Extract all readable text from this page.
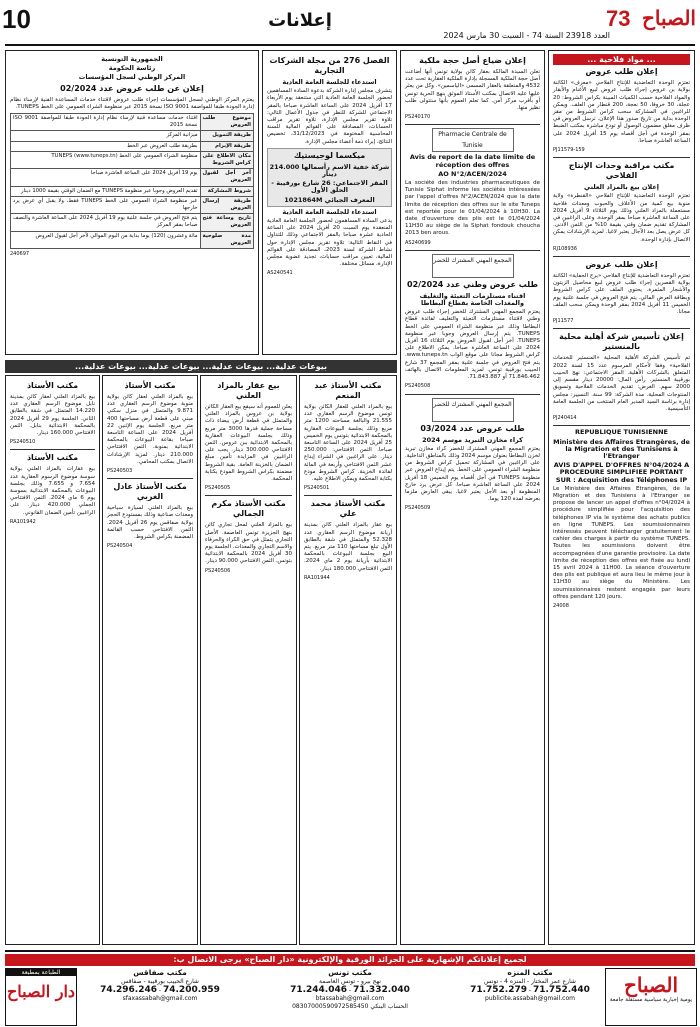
10	إعلانات	73 الصباح
العدد 23918 السنة 74 - السبت 30 مارس 2024
... مواد فلاحية ...
إعلان طلب عروض

تعتزم الوحدة التعاضدية للإنتاج الفلاحي «معرف» الكائنة بولاية بن عروس إجراء طلب عروض لبيع الأغنام والأبقار والمواد الفلاحية حسب الكميات المبينة بكراس الشروط: 20 عجلة، 30 خروفا، 50 نعجة، 200 قنطار من العلف. ويمكن للراغبين في المشاركة سحب كراس الشروط من مقر الوحدة بداية من تاريخ صدور هذا الإعلان. ترسل العروض في ظرف مغلق مضمون الوصول أو تودع مباشرة بمكتب الضبط بمقر الوحدة في أجل أقصاه يوم 15 أفريل 2024 على الساعة العاشرة صباحا.

PJ11579-159
مكتب مراقبة وحدات الإنتاج الفلاحي
إعلان بيع بالمزاد العلني

تعتزم الوحدة التعاضدية للإنتاج الفلاحي «القنطرة» ولاية منوبة بيع كمية من الأعلاف والحبوب ومعدات فلاحية مستعملة بالمزاد العلني وذلك يوم الثلاثاء 9 أفريل 2024 على الساعة العاشرة صباحا بمقر الوحدة. وعلى الراغبين في المشاركة تقديم ضمان وقتي بقيمة 10% من الثمن الأدنى. كل عرض يصل بعد الآجال يعتبر لاغيا. لمزيد الإرشادات يمكن الاتصال بإدارة الوحدة.

RJ108936
إعلان طلب عروض

تعتزم الوحدة التعاضدية للإنتاج الفلاحي «برج الحفاية» الكائنة بولاية القصرين إجراء طلب عروض لبيع محاصيل الزيتون والأشجار المثمرة. يحتوي الملف على كراس الشروط وبطاقة العرض المالي. يتم فتح العروض في جلسة علنية يوم الخميس 11 أفريل 2024 بمقر الوحدة ويمكن سحب الملف مجانا.

PJ11577
إعلان تأسيس شركة أهلية محلية بالمنستير

تم تأسيس الشركة الأهلية المحلية «المنستير للخدمات الفلاحية» وفقا لأحكام المرسوم عدد 15 لسنة 2022 المتعلق بالشركات الأهلية. المقر الاجتماعي: نهج الحبيب بورقيبة المنستير. رأس المال: 20000 دينار مقسم إلى 2000 سهم. الغرض: تقديم الخدمات الفلاحية وتسويق المنتوجات المحلية. مدة الشركة: 99 سنة. التسيير: مجلس إدارة برئاسة السيد المدير العام المنتخب من الجلسة العامة التأسيسية.

PJ240414
REPUBLIQUE TUNISIENNE
Ministère des Affaires Etrangères, de la Migration et des Tunisiens à l'Etranger
AVIS D'APPEL D'OFFRES N°04/2024 A PROCEDURE SIMPLIFIEE PORTANT SUR : Acquisition des Téléphones IP

Le Ministère des Affaires Etrangères, de la Migration et des Tunisiens à l'Etranger se propose de lancer un appel d'offres n°04/2024 à procédure simplifiée pour l'acquisition des téléphones IP via le système des achats publics en ligne TUNEPS. Les soumissionnaires intéressés peuvent télécharger gratuitement le cahier des charges à partir du système TUNEPS. Toutes les soumissions doivent être accompagnées d'une garantie provisoire. La date limite de réception des offres est fixée au lundi 15 avril 2024 à 11H00. La séance d'ouverture des plis est publique et aura lieu le même jour à 11H30 au siège du Ministère. Les soumissionnaires restent engagés par leurs offres pendant 120 jours.

24008
إعلان ضياع أصل حجة ملكية

تعلن السيدة المالكة بعقار كائن بولاية تونس أنها أضاعت أصل حجة الملكية المسجلة بإدارة الملكية العقارية تحت عدد 4532 والمتعلقة بالعقار المسمى «الياسمين». وكل من يعثر عليها عليه الاتصال بمكتب الأستاذ الموثق بنهج الحرية تونس أو بأقرب مركز أمن. كما تعلم العموم بأنها ستتولى طلب نظير منها.

PS240170
Pharmacie Centrale de Tunisie
Avis de report de la date limite de réception des offres
AO N°2/ACEN/2024

La société des industries pharmaceutiques de Tunisie Siphat informe les sociétés intéressées par l'appel d'offres N°2/ACEN/2024 que la date limite de réception des offres sur le site Tuneps est reportée pour le 01/04/2024 à 10H30. La date d'ouverture des plis est le 01/04/2024 11H30 au siège de la Siphat fondouk choucha 2013 ben arous.

AS240699
المجمع المهني المشترك للخضر
طلب عروض وطني عدد 02/2024
اقتناء مستلزمات التعبئة والتغليف والمعدات الخاصة بقطاع البطاطا

يعتزم المجمع المهني المشترك للخضر إجراء طلب عروض وطني لاقتناء مستلزمات التعبئة والتغليف لفائدة قطاع البطاطا وذلك عبر منظومة الشراء العمومي على الخط TUNEPS. يتم إرسال العروض وجوبا عبر منظومة TUNEPS. آخر أجل لقبول العروض يوم الثلاثاء 16 أفريل 2024 على الساعة العاشرة صباحا. يمكن الاطلاع على كراس الشروط مجانا على موقع الواب www.tuneps.tn. يتم فتح العروض في جلسة علنية بمقر المجمع 37 شارع الحبيب بورقيبة تونس. لمزيد المعلومات الاتصال بالهاتف 71.846.462 أو 71.843.887.

PS240508
المجمع المهني المشترك للخضر
طلب عروض عدد 03/2024
كراء مخازن التبريد موسم 2024

يعتزم المجمع المهني المشترك للخضر كراء مخازن تبريد لخزن البطاطا بعنوان موسم 2024 وذلك بالمناطق الداخلية. على الراغبين في المشاركة تحميل كراس الشروط من منظومة الشراء العمومي على الخط. يتم إيداع العروض عبر منظومة TUNEPS في أجل أقصاه يوم الخميس 18 أفريل 2024 على الساعة العاشرة صباحا. كل عرض يرد خارج المنظومة أو بعد الأجل يعتبر لاغيا. يبقى العارض ملزما بعرضه لمدة 120 يوما.

PS240509
الفصل 276 من مجلة الشركات التجارية
استدعاء للجلسة العامة العادية

يتشرف مجلس إدارة الشركة بدعوة السادة المساهمين لحضور الجلسة العامة العادية التي ستنعقد يوم الأربعاء 17 أفريل 2024 على الساعة العاشرة صباحا بالمقر الاجتماعي للشركة للنظر في جدول الأعمال التالي: تلاوة تقرير مجلس الإدارة، تلاوة تقرير مراقب الحسابات، المصادقة على القوائم المالية للسنة المحاسبية المختومة في 31/12/2023، تخصيص النتائج، إبراء ذمة أعضاء مجلس الإدارة.

ميكسما لوجيستيك
شركة خفية الاسم رأسمالها 214.000 دينار
المقر الاجتماعي: 26 شارع بورقيبة - الحلق الأول
المعرف الجبائي 1021864M
استدعاء للجلسة العامة العادية

يدعى السادة المساهمون لحضور الجلسة العامة العادية المنعقدة يوم السبت 20 أفريل 2024 على الساعة الحادية عشرة صباحا بالمقر الاجتماعي وذلك للتداول في النقاط التالية: تلاوة تقرير مجلس الإدارة حول نشاط الشركة لسنة 2023، المصادقة على القوائم المالية، تعيين مراقب حسابات، تجديد عضوية مجلس الإدارة، مسائل مختلفة.

AS240541
الجمهورية التونسية
رئاسة الحكومة
المركز الوطني لسجل المؤسسات
إعلان عن طلب عروض عدد 02/2024

يعتزم المركز الوطني لسجل المؤسسات إجراء طلب عروض لاقتناء خدمات المساعدة الفنية لإرساء نظام إدارة الجودة طبقا للمواصفة ISO 9001 نسخة 2015 عبر منظومة الشراء العمومي على الخط TUNEPS.

موضوع طلب العروض	اقتناء خدمات مساعدة فنية لإرساء نظام إدارة الجودة طبقا للمواصفة ISO 9001 نسخة 2015
طريقة التمويل	ميزانية المركز
طريقة الإبرام	بطريقة طلب العروض عبر الخط
مكان الاطلاع على كراس الشروط	منظومة الشراء العمومي على الخط TUNEPS (www.tuneps.tn)
آخر أجل لقبول العروض	يوم 19 أفريل 2024 على الساعة العاشرة صباحا
شروط المشاركة	تقديم العروض وجوبا عبر منظومة TUNEPS مع الضمان الوقتي بقيمة 1000 دينار
طريقة إرسال العروض	عبر منظومة الشراء العمومي على الخط TUNEPS فقط، ولا يقبل أي عرض يرد خارجها
تاريخ وساعة فتح العروض	يتم فتح العروض في جلسة علنية يوم 19 أفريل 2024 على الساعة العاشرة والنصف صباحا بمقر المركز
مدة صلوحية العروض	مائة وعشرون (120) يوما بداية من اليوم الموالي لآخر أجل لقبول العروض
240697
بيوعات عدلية... بيوعات عدلية... بيوعات عدلية... بيوعات عدلية...
مكتب الأستاذ عبد المنعم

بيع بالمزاد العلني للعقار الكائن بولاية تونس موضوع الرسم العقاري عدد 21.555 والبالغة مساحته 1200 متر مربع وذلك بجلسة البيوعات العقارية بالمحكمة الابتدائية بتونس يوم الخميس 25 أفريل 2024 على الساعة التاسعة صباحا. الثمن الافتتاحي: 250.000 دينار. على الراغبين في الشراء إيداع عشر الثمن الافتتاحي وأربعة في المائة لفائدة الخزينة. كراس الشروط مودع بكتابة المحكمة ويمكن الاطلاع عليه.

PS240501
مكتب الأستاذ محمد علي

بيع عقار بالمزاد العلني كائن بمدينة أريانة موضوع الرسم العقاري عدد 52.328 والمتمثل في شقة بالطابق الأول تبلغ مساحتها 110 متر مربع. يتم البيع بجلسة البيوعات بالمحكمة الابتدائية بأريانة يوم 2 ماي 2024. الثمن الافتتاحي 180.000 دينار.

RA101944
بيع عقار بالمزاد العلني

يعلن للعموم أنه سيقع بيع العقار الكائن بولاية بن عروس بالمزاد العلني والمتمثل في قطعة أرض بيضاء ذات مساحة جملية قدرها 3000 متر مربع وذلك بجلسة البيوعات العقارية بالمحكمة الابتدائية ببن عروس. الثمن الافتتاحي 300.000 دينار. يجب على الراغبين في المزايدة تأمين مبلغ الضمان بالخزينة العامة. بقية الشروط مضمنة بكراس الشروط المودع بكتابة المحكمة.

PS240505
مكتب الأستاذ مكرم الجمالي

بيع بالمزاد العلني لمحل تجاري كائن بنهج الجزيرة تونس العاصمة. الأصل التجاري يتمثل في حق الكراء والحرفاء والاسم التجاري والمعدات. الجلسة يوم 30 أفريل 2024 بالمحكمة الابتدائية بتونس. الثمن الافتتاحي 90.000 دينار.

PS240506
مكتب الأستاذ

بيع بالمزاد العلني لعقار كائن بولاية منوبة موضوع الرسم العقاري عدد 9.871 والمتمثل في منزل سكني مبني على قطعة أرض مساحتها 400 متر مربع. الجلسة يوم الإثنين 22 أفريل 2024 على الساعة التاسعة صباحا بقاعة البيوعات بالمحكمة الابتدائية بمنوبة. الثمن الافتتاحي 210.000 دينار. لمزيد الإرشادات الاتصال بمكتب المحامي.

PS240503
مكتب الأستاذ عادل الغربي

بيع بالمزاد العلني لسيارة سياحية ومعدات صناعية وذلك بمستودع الحجز بولاية صفاقس يوم 26 أفريل 2024. الثمن الافتتاحي حسب القائمة المضمنة بكراس الشروط.

PS240504
مكتب الأستاذ

بيع بالمزاد العلني لعقار كائن بمدينة نابل موضوع الرسم العقاري عدد 14.220 المتمثل في شقة بالطابق الثاني. الجلسة يوم 29 أفريل 2024 بالمحكمة الابتدائية بنابل. الثمن الافتتاحي 160.000 دينار.

PS240510
مكتب الأستاذ

بيع عقارات بالمزاد العلني بولاية سوسة موضوع الرسوم العقارية عدد 7.654 و 7.655 وذلك بجلسة البيوعات بالمحكمة الابتدائية بسوسة يوم 6 ماي 2024. الثمن الافتتاحي الجملي 420.000 دينار. على الراغبين تأمين الضمان القانوني.

RA101942
لجميع إعلاناتكم الإشهارية على الجرائد الورقية والإلكترونية «دار الصباح» يرجى الاتصال ب:
الصباح
يومية إخبارية سياسية مستقلة جامعة
مكتب المنزه
شارع عمر المختار - المنزه 4 - تونس
71.752.440 - 71.752.279
publicite.assabah@gmail.com
مكتب تونس
نهج بيرو - تونس العاصمة
71.332.040 - 71.244.046
btassabah@gmail.com
الحساب البنكي 08307000590972585450
مكتب صفاقس
شارع الحبيب بورقيبة - صفاقس
74.200.959 - 74.296.246
sfaxassabah@gmail.com
الطباعة بمطبعة
دار الصباح
